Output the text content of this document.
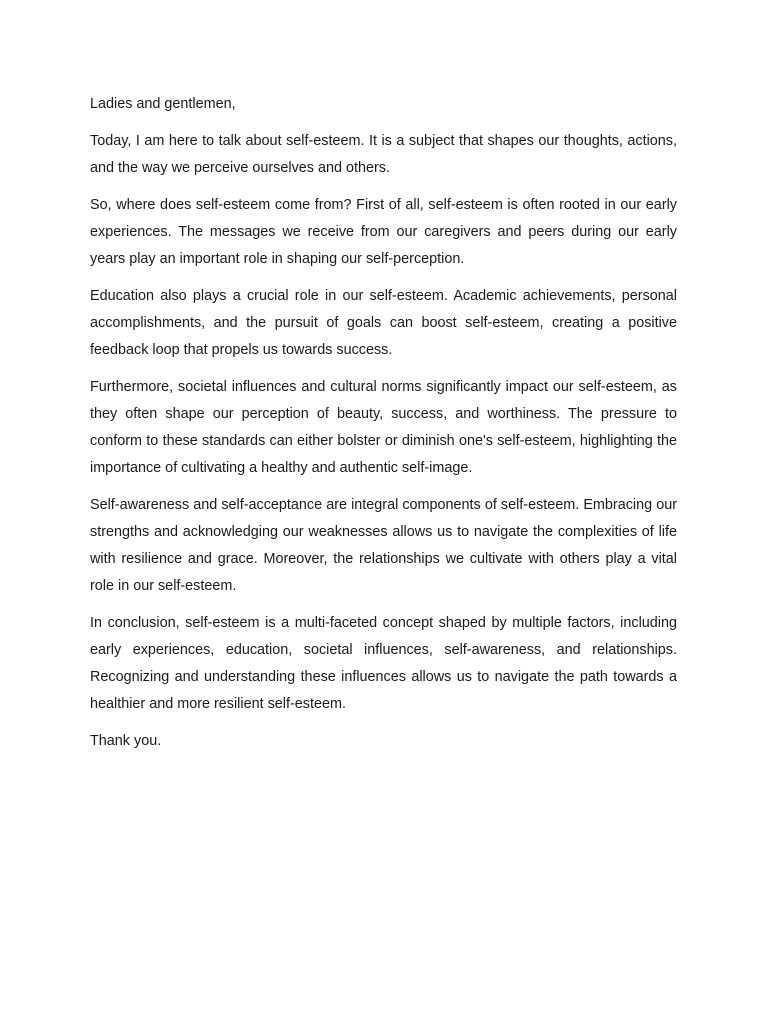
Ladies and gentlemen,

Today, I am here to talk about self-esteem. It is a subject that shapes our thoughts, actions, and the way we perceive ourselves and others.

So, where does self-esteem come from? First of all, self-esteem is often rooted in our early experiences. The messages we receive from our caregivers and peers during our early years play an important role in shaping our self-perception.

Education also plays a crucial role in our self-esteem. Academic achievements, personal accomplishments, and the pursuit of goals can boost self-esteem, creating a positive feedback loop that propels us towards success.

Furthermore, societal influences and cultural norms significantly impact our self-esteem, as they often shape our perception of beauty, success, and worthiness. The pressure to conform to these standards can either bolster or diminish one's self-esteem, highlighting the importance of cultivating a healthy and authentic self-image.

Self-awareness and self-acceptance are integral components of self-esteem. Embracing our strengths and acknowledging our weaknesses allows us to navigate the complexities of life with resilience and grace. Moreover, the relationships we cultivate with others play a vital role in our self-esteem.

In conclusion, self-esteem is a multi-faceted concept shaped by multiple factors, including early experiences, education, societal influences, self-awareness, and relationships. Recognizing and understanding these influences allows us to navigate the path towards a healthier and more resilient self-esteem.

Thank you.
